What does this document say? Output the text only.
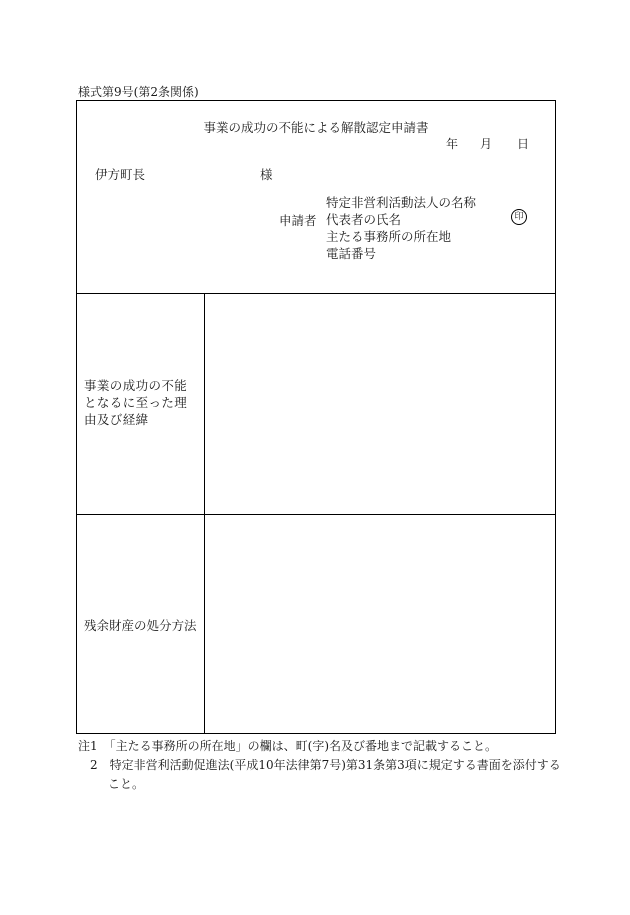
様式第9号(第2条関係)
事業の成功の不能による解散認定申請書
年 月 日
伊方町長	様
申請者
特定非営利活動法人の名称
代表者の氏名
主たる事務所の所在地
電話番号
印
事業の成功の不能となるに至った理由及び経緯
残余財産の処分方法
注1　「主たる事務所の所在地」の欄は、町(字)名及び番地まで記載すること。
2　特定非営利活動促進法(平成10年法律第7号)第31条第3項に規定する書面を添付する
こと。
